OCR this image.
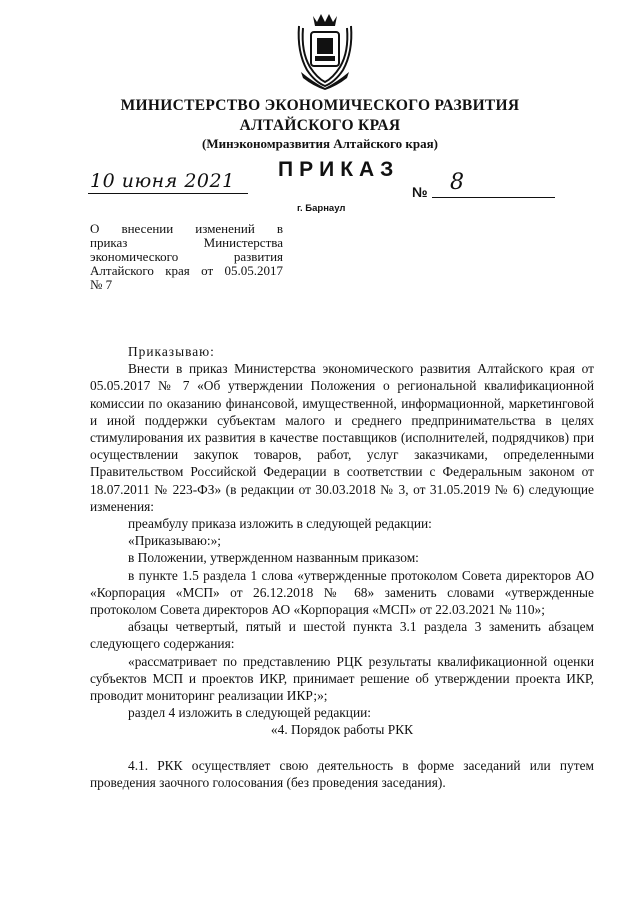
МИНИСТЕРСТВО ЭКОНОМИЧЕСКОГО РАЗВИТИЯ
АЛТАЙСКОГО КРАЯ
(Минэкономразвития Алтайского края)
ПРИКАЗ
10 июня 2021	№ 8
г. Барнаул
О внесении изменений в
приказ Министерства
экономического развития
Алтайского края от 05.05.2017
№ 7

Приказываю:

Внести в приказ Министерства экономического развития Алтайского края от 05.05.2017 № 7 «Об утверждении Положения о региональной квалификационной комиссии по оказанию финансовой, имущественной, информационной, маркетинговой и иной поддержки субъектам малого и среднего предпринимательства в целях стимулирования их развития в качестве поставщиков (исполнителей, подрядчиков) при осуществлении закупок товаров, работ, услуг заказчиками, определенными Правительством Российской Федерации в соответствии с Федеральным законом от 18.07.2011 № 223-ФЗ» (в редакции от 30.03.2018 № 3, от 31.05.2019 № 6) следующие изменения:

преамбулу приказа изложить в следующей редакции:

«Приказываю:»;

в Положении, утвержденном названным приказом:

в пункте 1.5 раздела 1 слова «утвержденные протоколом Совета директоров АО «Корпорация «МСП» от 26.12.2018 № 68» заменить словами «утвержденные протоколом Совета директоров АО «Корпорация «МСП» от 22.03.2021 № 110»;

абзацы четвертый, пятый и шестой пункта 3.1 раздела 3 заменить абзацем следующего содержания:

«рассматривает по представлению РЦК результаты квалификационной оценки субъектов МСП и проектов ИКР, принимает решение об утверждении проекта ИКР, проводит мониторинг реализации ИКР;»;

раздел 4 изложить в следующей редакции:

«4. Порядок работы РКК

4.1. РКК осуществляет свою деятельность в форме заседаний или путем проведения заочного голосования (без проведения заседания).
